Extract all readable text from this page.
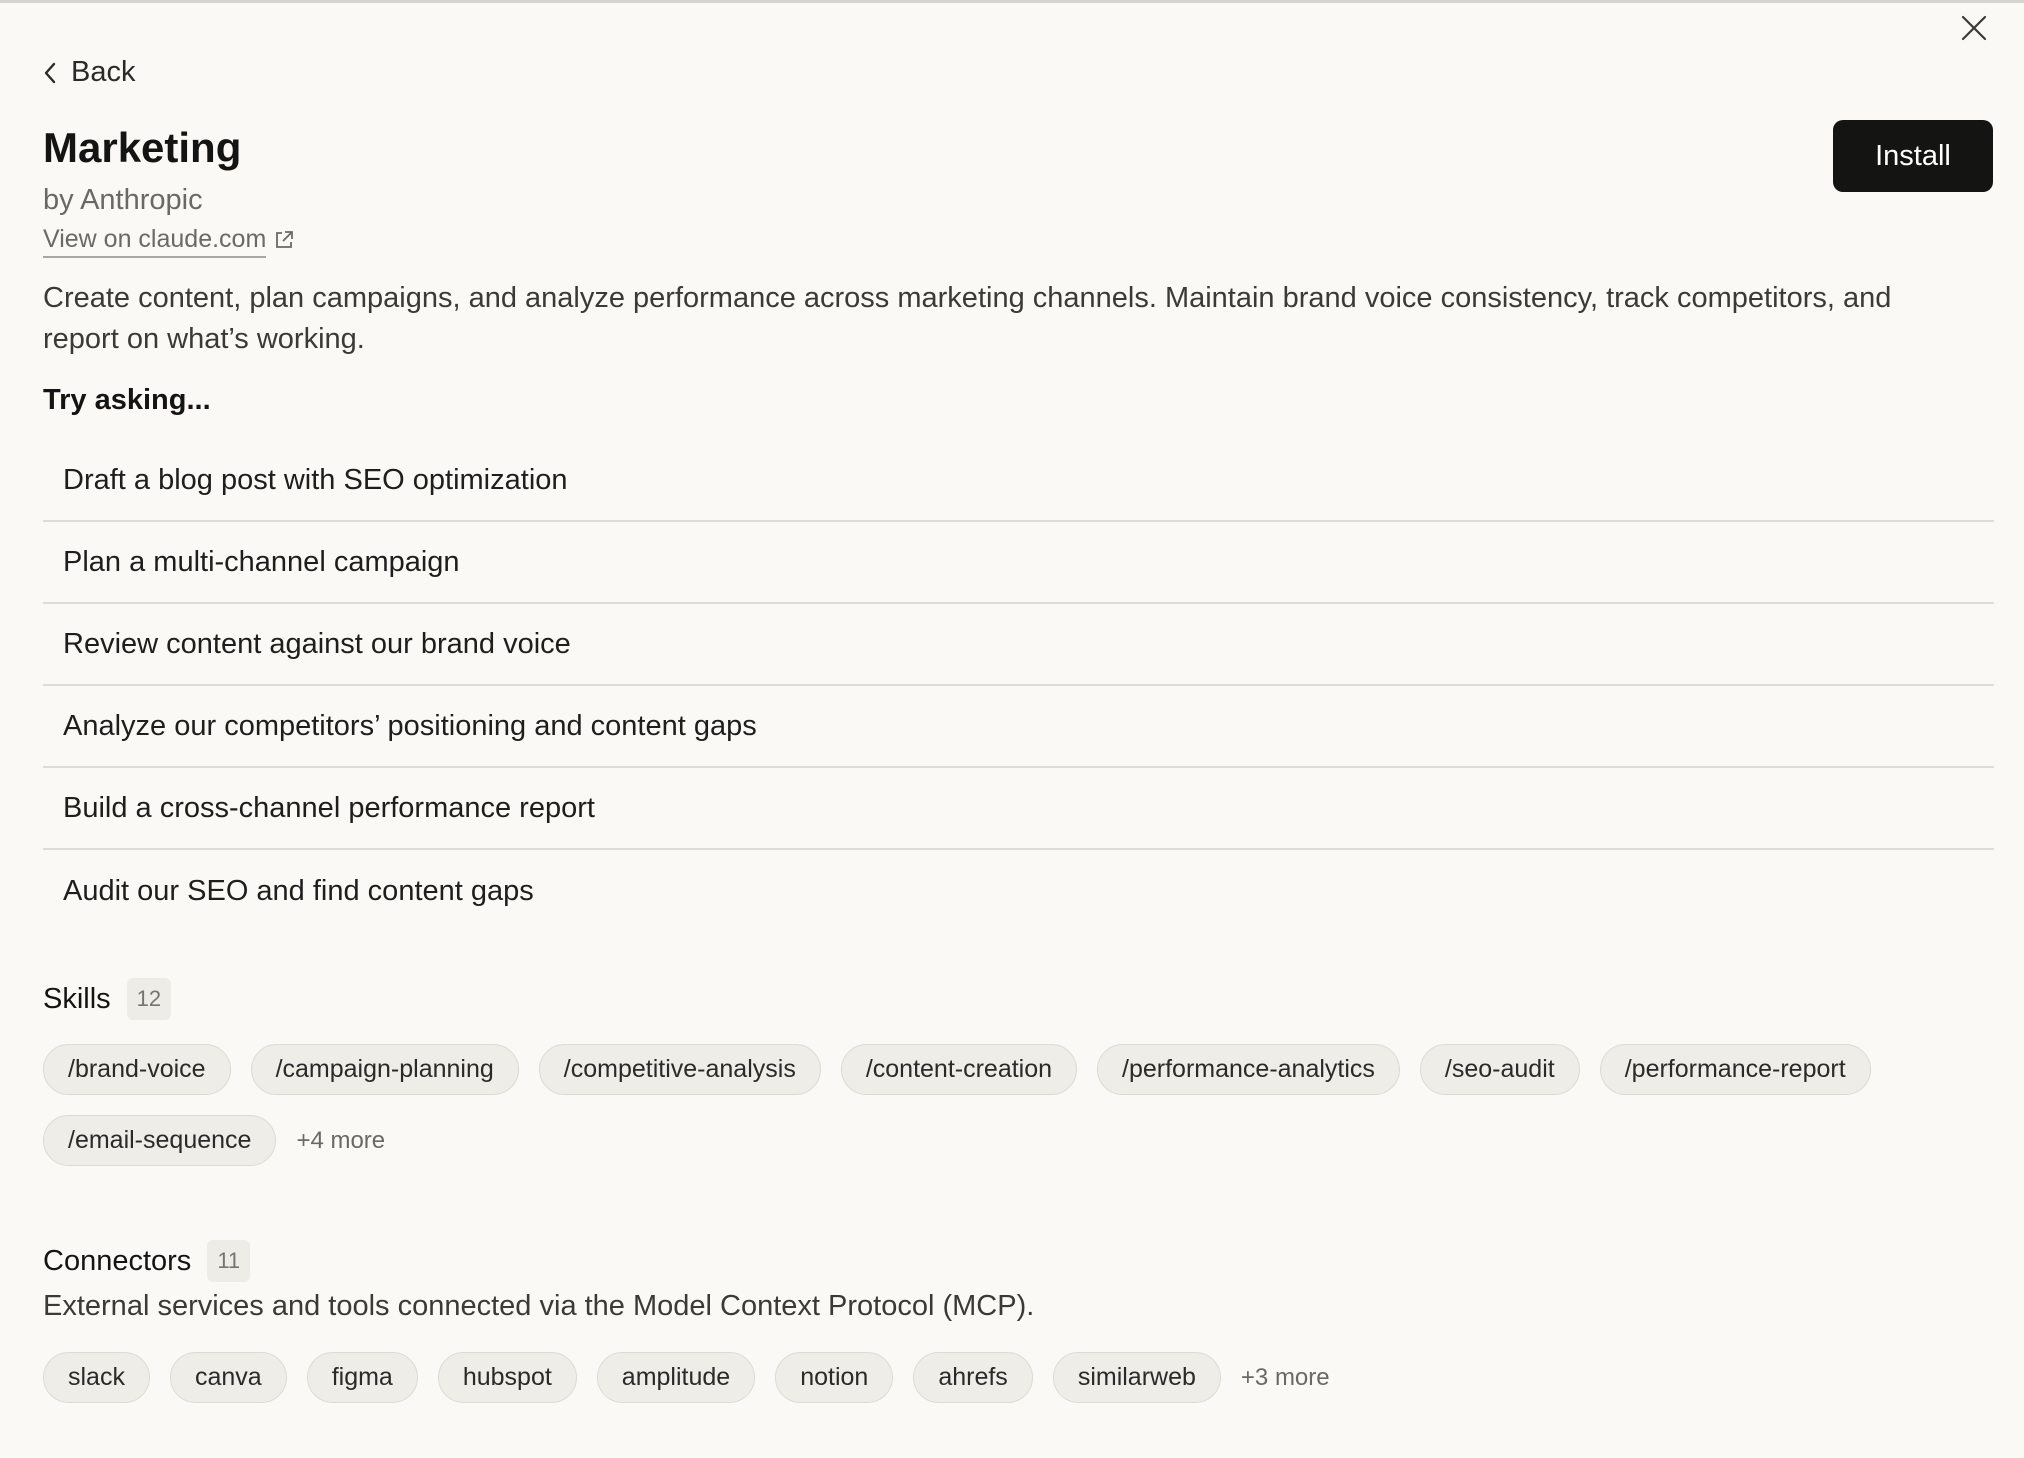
Back
Marketing
by Anthropic
View on claude.com
Install
Create content, plan campaigns, and analyze performance across marketing channels. Maintain brand voice consistency, track competitors, and report on what’s working.
Try asking...
Draft a blog post with SEO optimization
Plan a multi-channel campaign
Review content against our brand voice
Analyze our competitors’ positioning and content gaps
Build a cross-channel performance report
Audit our SEO and find content gaps
Skills	12
/brand-voice	/campaign-planning	/competitive-analysis	/content-creation	/performance-analytics	/seo-audit	/performance-report
/email-sequence	+4 more
Connectors	11
External services and tools connected via the Model Context Protocol (MCP).
slack	canva	figma	hubspot	amplitude	notion	ahrefs	similarweb	+3 more
